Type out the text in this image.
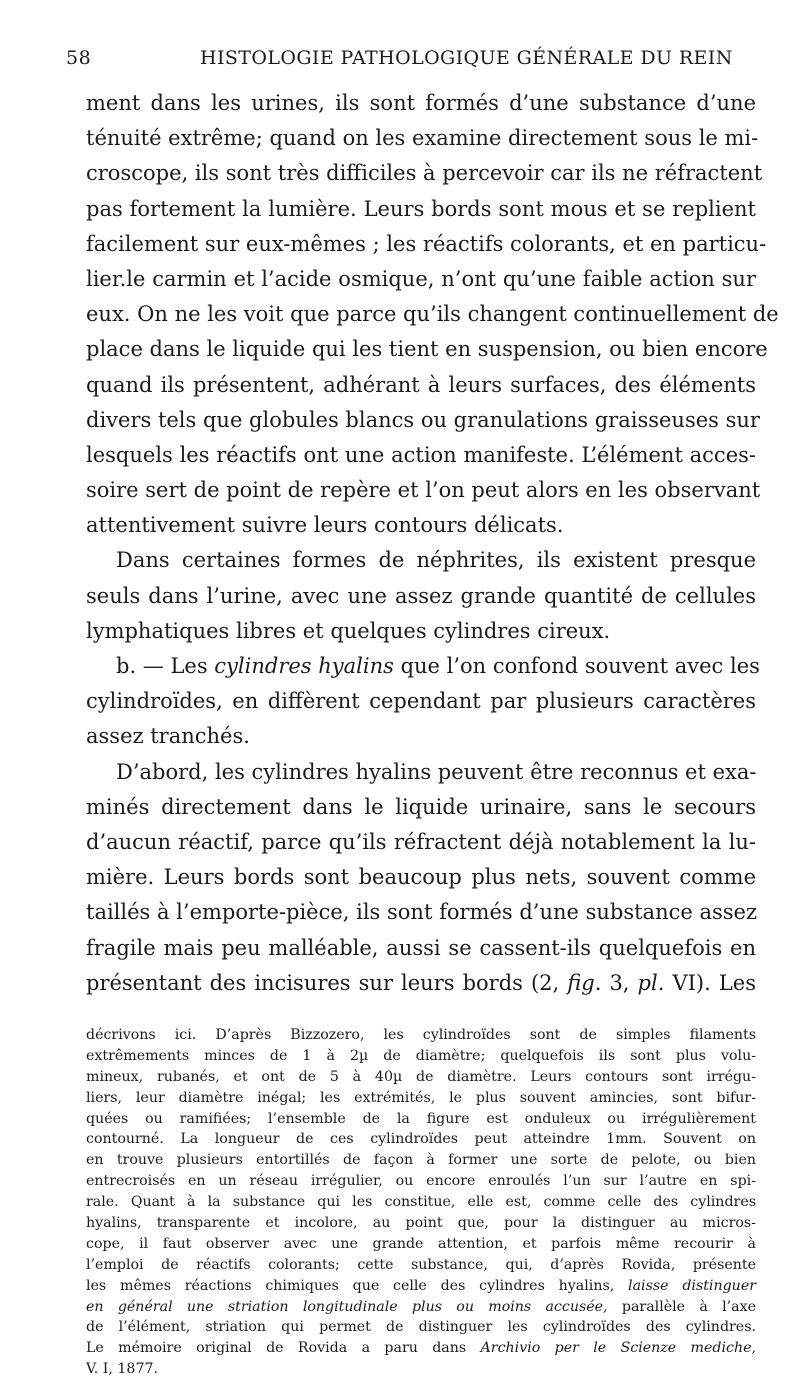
58	HISTOLOGIE PATHOLOGIQUE GÉNÉRALE DU REIN

ment dans les urines, ils sont formés d’une substance d’une
ténuité extrême; quand on les examine directement sous le mi-
croscope, ils sont très difficiles à percevoir car ils ne réfractent
pas fortement la lumière. Leurs bords sont mous et se replient
facilement sur eux-mêmes ; les réactifs colorants, et en particu-
lier.le carmin et l’acide osmique, n’ont qu’une faible action sur
eux. On ne les voit que parce qu’ils changent continuellement de
place dans le liquide qui les tient en suspension, ou bien encore
quand ils présentent, adhérant à leurs surfaces, des éléments
divers tels que globules blancs ou granulations graisseuses sur
lesquels les réactifs ont une action manifeste. L’élément acces-
soire sert de point de repère et l’on peut alors en les observant
attentivement suivre leurs contours délicats.

Dans certaines formes de néphrites, ils existent presque
seuls dans l’urine, avec une assez grande quantité de cellules
lymphatiques libres et quelques cylindres cireux.

b. — Les cylindres hyalins que l’on confond souvent avec les
cylindroïdes, en diffèrent cependant par plusieurs caractères
assez tranchés.

D’abord, les cylindres hyalins peuvent être reconnus et exa-
minés directement dans le liquide urinaire, sans le secours
d’aucun réactif, parce qu’ils réfractent déjà notablement la lu-
mière. Leurs bords sont beaucoup plus nets, souvent comme
taillés à l’emporte-pièce, ils sont formés d’une substance assez
fragile mais peu malléable, aussi se cassent-ils quelquefois en
présentant des incisures sur leurs bords (2, fig. 3, pl. VI). Les

décrivons ici. D’après Bizzozero, les cylindroïdes sont de simples filaments
extrêmements minces de 1 à 2µ de diamètre; quelquefois ils sont plus volu-
mineux, rubanés, et ont de 5 à 40µ de diamètre. Leurs contours sont irrégu-
liers, leur diamètre inégal; les extrémités, le plus souvent amincies, sont bifur-
quées ou ramifiées; l’ensemble de la figure est onduleux ou irrégulièrement
contourné. La longueur de ces cylindroïdes peut atteindre 1mm. Souvent on
en trouve plusieurs entortillés de façon à former une sorte de pelote, ou bien
entrecroisés en un réseau irrégulier, ou encore enroulés l’un sur l’autre en spi-
rale. Quant à la substance qui les constitue, elle est, comme celle des cylindres
hyalins, transparente et incolore, au point que, pour la distinguer au micros-
cope, il faut observer avec une grande attention, et parfois même recourir à
l’emploi de réactifs colorants; cette substance, qui, d’après Rovida, présente
les mêmes réactions chimiques que celle des cylindres hyalins, laisse distinguer
en général une striation longitudinale plus ou moins accusée, parallèle à l’axe
de l’élément, striation qui permet de distinguer les cylindroïdes des cylindres.
Le mémoire original de Rovida a paru dans Archivio per le Scienze mediche,
V. I, 1877.
